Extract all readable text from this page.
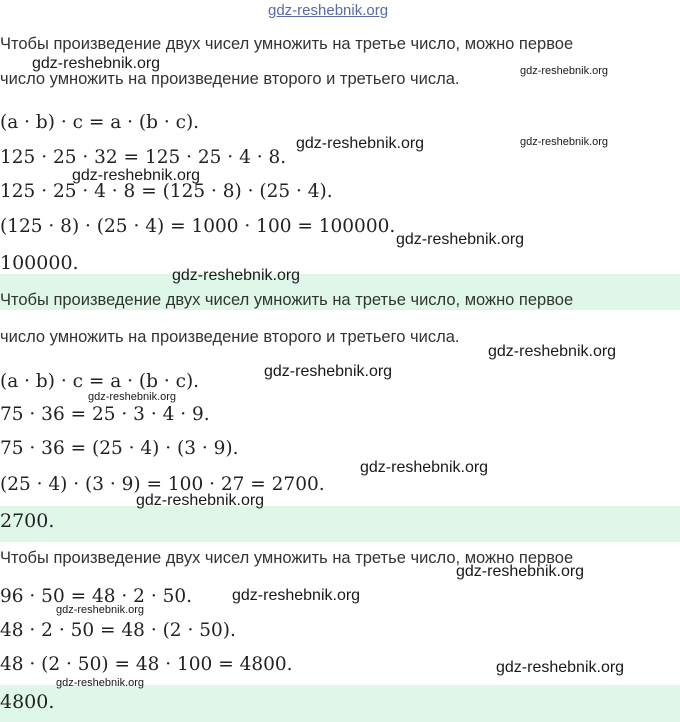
Чтобы произведение двух чисел умножить на третье число, можно первое
число умножить на произведение второго и третьего числа.
(a · b) · c = a · (b · c).
125 · 25 · 32 = 125 · 25 · 4 · 8.
125 · 25 · 4 · 8 = (125 · 8) · (25 · 4).
(125 · 8) · (25 · 4) = 1000 · 100 = 100000.
100000.
Чтобы произведение двух чисел умножить на третье число, можно первое
число умножить на произведение второго и третьего числа.
(a · b) · c = a · (b · c).
75 · 36 = 25 · 3 · 4 · 9.
75 · 36 = (25 · 4) · (3 · 9).
(25 · 4) · (3 · 9) = 100 · 27 = 2700.
2700.
Чтобы произведение двух чисел умножить на третье число, можно первое
96 · 50 = 48 · 2 · 50.
48 · 2 · 50 = 48 · (2 · 50).
48 · (2 · 50) = 48 · 100 = 4800.
4800.
gdz-reshebnik.org
gdz-reshebnik.org	gdz-reshebnik.org
gdz-reshebnik.org	gdz-reshebnik.org
gdz-reshebnik.org
gdz-reshebnik.org
gdz-reshebnik.org
gdz-reshebnik.org
gdz-reshebnik.org
gdz-reshebnik.org
gdz-reshebnik.org
gdz-reshebnik.org
gdz-reshebnik.org
gdz-reshebnik.org
gdz-reshebnik.org
gdz-reshebnik.org
gdz-reshebnik.org
